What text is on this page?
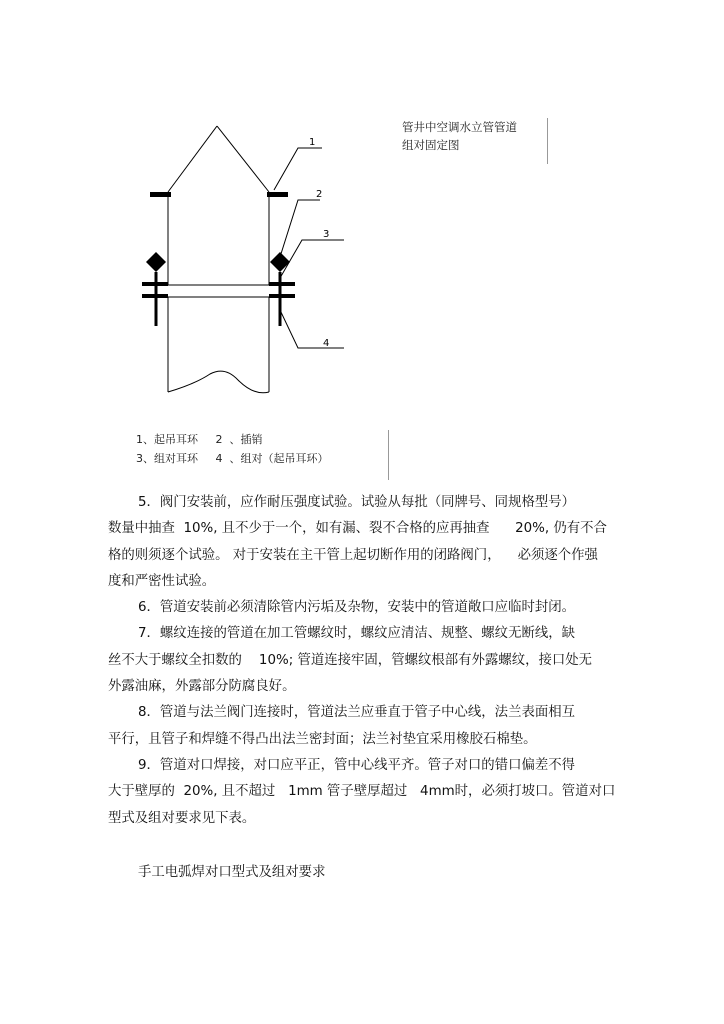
1
2
3
4

管井中空调水立管管道

组对固定图

1、起吊耳环     2  、插销

3、组对耳环     4  、组对（起吊耳环）

5．阀门安装前，应作耐压强度试验。试验从每批（同牌号、同规格型号）
数量中抽查  10%, 且不少于一个，如有漏、裂不合格的应再抽查      20%, 仍有不合
格的则须逐个试验。 对于安装在主干管上起切断作用的闭路阀门，    必须逐个作强
度和严密性试验。

6．管道安装前必须清除管内污垢及杂物，安装中的管道敞口应临时封闭。

7．螺纹连接的管道在加工管螺纹时，螺纹应清洁、规整、螺纹无断线，缺
丝不大于螺纹全扣数的    10%; 管道连接牢固，管螺纹根部有外露螺纹，接口处无
外露油麻，外露部分防腐良好。

8．管道与法兰阀门连接时，管道法兰应垂直于管子中心线，法兰表面相互
平行，且管子和焊缝不得凸出法兰密封面；法兰衬垫宜采用橡胶石棉垫。

9．管道对口焊接，对口应平正，管中心线平齐。管子对口的错口偏差不得
大于壁厚的  20%, 且不超过   1mm 管子壁厚超过   4mm时，必须打坡口。管道对口
型式及组对要求见下表。

手工电弧焊对口型式及组对要求
